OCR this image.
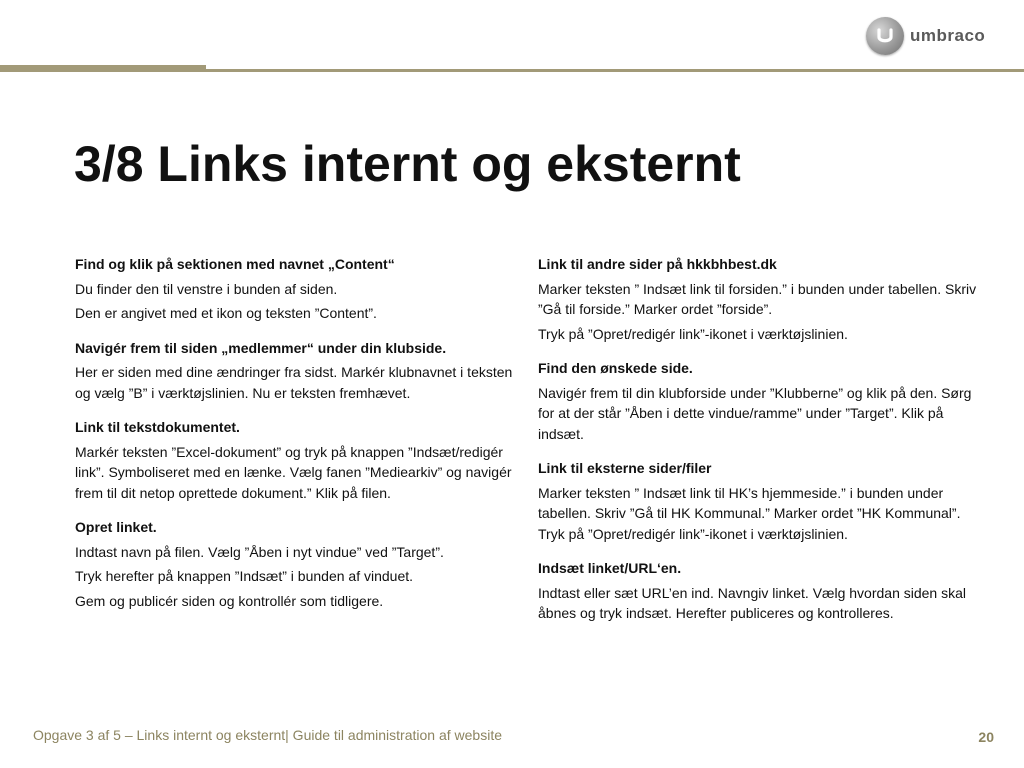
umbraco
3/8 Links internt og eksternt

Find og klik på sektionen med navnet „Content“

Du finder den til venstre i bunden af siden.

Den er angivet med et ikon og teksten ”Content”.

Navigér frem til siden „medlemmer“ under din klubside.

Her er siden med dine ændringer fra sidst. Markér klubnavnet i teksten og vælg ”B” i værktøjslinien. Nu er teksten fremhævet.

Link til tekstdokumentet.

Markér teksten ”Excel-dokument” og tryk på knappen ”Indsæt/redigér link”. Symboliseret med en lænke. Vælg fanen ”Mediearkiv” og navigér frem til dit netop oprettede dokument.” Klik på filen.

Opret linket.

Indtast navn på filen. Vælg ”Åben i nyt vindue” ved ”Target”.

Tryk herefter på knappen ”Indsæt” i bunden af vinduet.

Gem og publicér siden og kontrollér som tidligere.

Link til andre sider på hkkbhbest.dk

Marker teksten ” Indsæt link til forsiden.” i bunden under tabellen. Skriv ”Gå til forside.” Marker ordet ”forside”.

Tryk på ”Opret/redigér link”-ikonet i værktøjslinien.

Find den ønskede side.

Navigér frem til din klubforside under ”Klubberne” og klik på den. Sørg for at der står ”Åben i dette vindue/ramme” under ”Target”. Klik på indsæt.

Link til eksterne sider/filer

Marker teksten ” Indsæt link til HK’s hjemmeside.” i bunden under tabellen. Skriv ”Gå til HK Kommunal.” Marker ordet ”HK Kommunal”. Tryk på ”Opret/redigér link”-ikonet i værktøjslinien.

Indsæt linket/URL‘en.

Indtast eller sæt URL’en ind. Navngiv linket. Vælg hvordan siden skal åbnes og tryk indsæt. Herefter publiceres og kontrolleres.

Opgave 3 af 5 – Links internt og eksternt| Guide til administration af website	20
